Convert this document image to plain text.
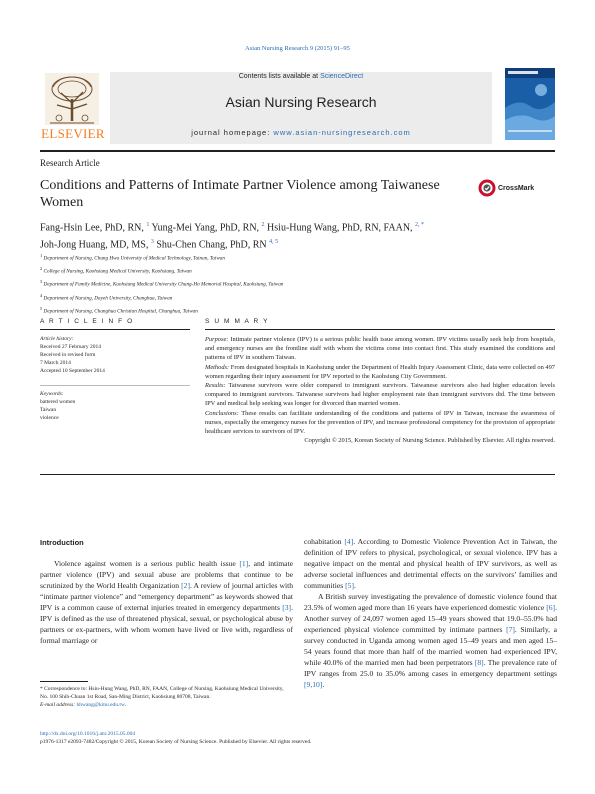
Asian Nursing Research 9 (2015) 91–95
ELSEVIER
Contents lists available at ScienceDirect
Asian Nursing Research
journal homepage: www.asian-nursingresearch.com
Research Article
Conditions and Patterns of Intimate Partner Violence among Taiwanese Women
CrossMark
Fang-Hsin Lee, PhD, RN, $^1$ Yung-Mei Yang, PhD, RN, $^2$ Hsiu-Hung Wang, PhD, RN, FAAN, $^{2, *}$
Joh-Jong Huang, MD, MS, $^3$ Shu-Chen Chang, PhD, RN $^{4, 5}$
$^1$ Department of Nursing, Chung Hwa University of Medical Technology, Tainan, Taiwan
$^2$ College of Nursing, Kaohsiung Medical University, Kaohsiung, Taiwan
$^3$ Department of Family Medicine, Kaohsiung Medical University Chung-Ho Memorial Hospital, Kaohsiung, Taiwan
$^4$ Department of Nursing, Dayeh University, Changhua, Taiwan
$^5$ Department of Nursing, Changhua Christian Hospital, Changhua, Taiwan
A R T I C L E I N F O	S U M M A R Y
Article history:
Received 27 February 2014
Received in revised form
7 March 2014
Accepted 10 September 2014
Keywords:
battered women
Taiwan
violence

Purpose: Intimate partner violence (IPV) is a serious public health issue among women. IPV victims usually seek help from hospitals, and emergency nurses are the frontline staff with whom the victims come into contact first. This study examined the conditions and patterns of IPV in southern Taiwan.

Methods: From designated hospitals in Kaohsiung under the Department of Health Injury Assessment Clinic, data were collected on 497 women regarding their injury assessment for IPV reported to the Kaohsiung City Government.

Results: Taiwanese survivors were older compared to immigrant survivors. Taiwanese survivors also had higher education levels compared to immigrant survivors. Taiwanese survivors had higher employment rate than immigrant survivors did. The time between IPV and medical help seeking was longer for divorced than married women.

Conclusions: These results can facilitate understanding of the conditions and patterns of IPV in Taiwan, increase the awareness of nurses, especially the emergency nurses for the prevention of IPV, and increase professional competency for the provision of appropriate healthcare services to survivors of IPV.

Copyright © 2015, Korean Society of Nursing Science. Published by Elsevier. All rights reserved.

Introduction

Violence against women is a serious public health issue [1], and intimate partner violence (IPV) and sexual abuse are problems that continue to be scrutinized by the World Health Organization [2]. A review of journal articles with “intimate partner violence” and “emergency department” as keywords showed that IPV is a common cause of external injuries treated in emergency departments [3]. IPV is defined as the use of threatened physical, sexual, or psychological abuse by partners or ex-partners, with whom women have lived or live with, regardless of formal marriage or

cohabitation [4]. According to Domestic Violence Prevention Act in Taiwan, the definition of IPV refers to physical, psychological, or sexual violence. IPV has a negative impact on the mental and physical health of IPV survivors, as well as adverse societal influences and detrimental effects on the survivors’ families and communities [5].

A British survey investigating the prevalence of domestic violence found that 23.5% of women aged more than 16 years have experienced domestic violence [6]. Another survey of 24,097 women aged 15–49 years showed that 19.0–55.0% had experienced physical violence committed by intimate partners [7]. Similarly, a survey conducted in Uganda among women aged 15–49 years and men aged 15–54 years found that more than half of the married women had experienced IPV, while 40.0% of the married men had been perpetrators [8]. The prevalence rate of IPV ranges from 25.0 to 35.0% among cases in emergency department settings [9,10].

* Correspondence to: Hsiu-Hung Wang, PhD, RN, FAAN, College of Nursing, Kaohsiung Medical University, No. 100 Shih-Chuan 1st Road, San-Ming District, Kaohsiung 80708, Taiwan.
E-mail address: hhwang@kmu.edu.tw.
http://dx.doi.org/10.1016/j.anr.2015.05.004
p1976-1317 e2093-7482/Copyright © 2015, Korean Society of Nursing Science. Published by Elsevier. All rights reserved.
